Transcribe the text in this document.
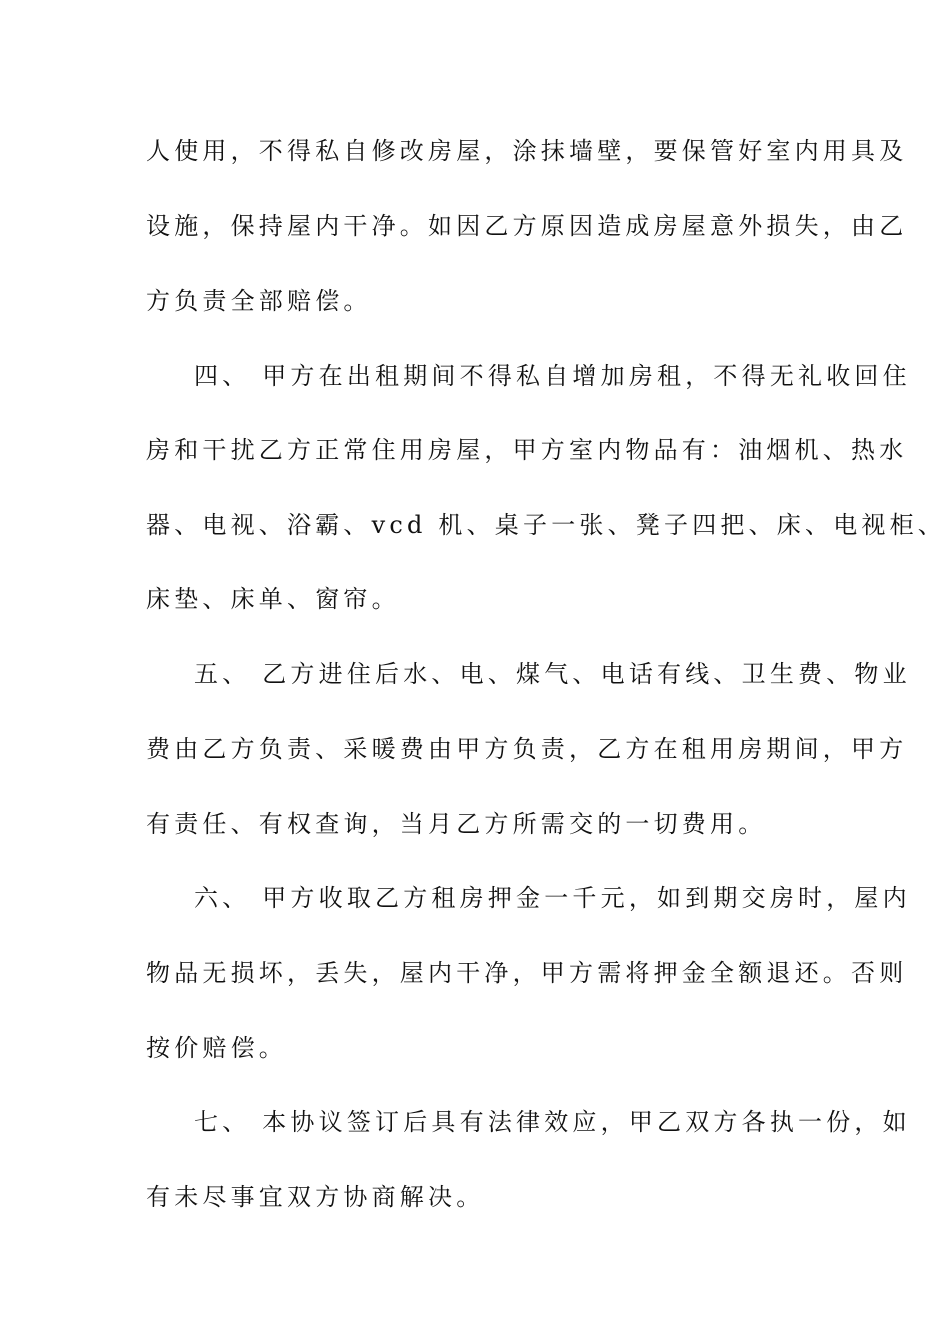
人使用，不得私自修改房屋，涂抹墙壁，要保管好室内用具及
设施，保持屋内干净。如因乙方原因造成房屋意外损失，由乙
方负责全部赔偿。
四、 甲方在出租期间不得私自增加房租，不得无礼收回住
房和干扰乙方正常住用房屋，甲方室内物品有：油烟机、热水
器、电视、浴霸、vcd 机、桌子一张、凳子四把、床、电视柜、
床垫、床单、窗帘。
五、 乙方进住后水、电、煤气、电话有线、卫生费、物业
费由乙方负责、采暖费由甲方负责，乙方在租用房期间，甲方
有责任、有权查询，当月乙方所需交的一切费用。
六、 甲方收取乙方租房押金一千元，如到期交房时，屋内
物品无损坏，丢失，屋内干净，甲方需将押金全额退还。否则
按价赔偿。
七、 本协议签订后具有法律效应，甲乙双方各执一份，如
有未尽事宜双方协商解决。
